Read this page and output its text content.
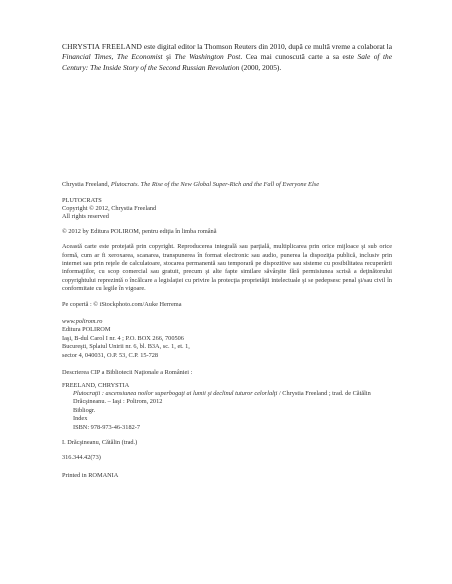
CHRYSTIA FREELAND este digital editor la Thomson Reuters din 2010, după ce multă vreme a colaborat la Financial Times, The Economist şi The Washington Post. Cea mai cunoscută carte a sa este Sale of the Century: The Inside Story of the Second Russian Revolution (2000, 2005).

Chrystia Freeland, Plutocrats. The Rise of the New Global Super-Rich and the Fall of Everyone Else

PLUTOCRATS

Copyright © 2012, Chrystia Freeland

All rights reserved

© 2012 by Editura POLIROM, pentru ediţia în limba română

Această carte este protejată prin copyright. Reproducerea integrală sau parţială, multiplicarea prin orice mijloace şi sub orice formă, cum ar fi xeroxarea, scanarea, transpunerea în format electronic sau audio, punerea la dispoziţia publică, inclusiv prin internet sau prin reţele de calculatoare, stocarea permanentă sau temporară pe dispozitive sau sisteme cu posibilitatea recuperării informaţiilor, cu scop comercial sau gratuit, precum şi alte fapte similare săvârşite fără permisiunea scrisă a deţinătorului copyrightului reprezintă o încălcare a legislaţiei cu privire la protecţia proprietăţii intelectuale şi se pedepsesc penal şi/sau civil în conformitate cu legile în vigoare.

Pe copertă : © iStockphoto.com/Auke Herrema

www.polirom.ro

Editura POLIROM

Iaşi, B-dul Carol I nr. 4 ; P.O. BOX 266, 700506

Bucureşti, Splaiul Unirii nr. 6, bl. B3A, sc. 1, et. 1,

sector 4, 040031, O.P. 53, C.P. 15-728

Descrierea CIP a Bibliotecii Naţionale a României :

FREELAND, CHRYSTIA

Plutocraţii : ascensiunea noilor superbogaţi ai lumii şi declinul tuturor celorlalţi / Chrystia Freeland ; trad. de Cătălin Drăcşineanu. – Iaşi : Polirom, 2012

Bibliogr.

Index

ISBN: 978-973-46-3182-7

I. Drăcşineanu, Cătălin (trad.)

316.344.42(73)

Printed in ROMANIA
